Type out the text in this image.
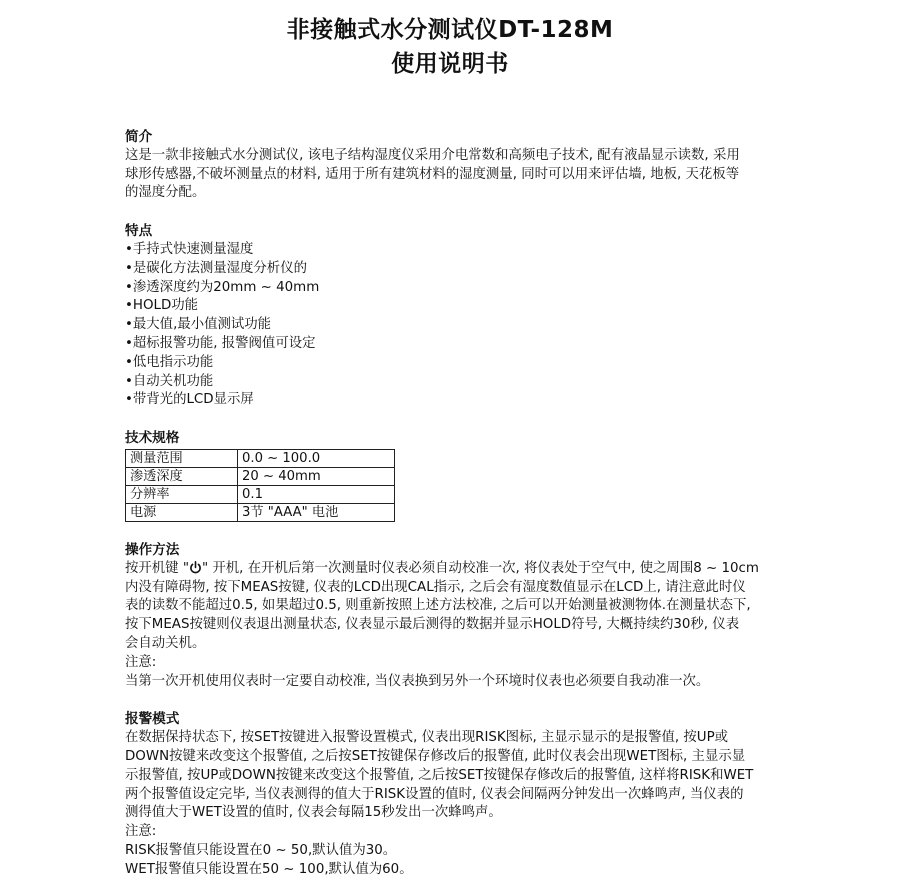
非接触式水分测试仪DT-128M
使用说明书

简介

这是一款非接触式水分测试仪, 该电子结构湿度仪采用介电常数和高频电子技术, 配有液晶显示读数, 采用

球形传感器,不破坏测量点的材料, 适用于所有建筑材料的湿度测量, 同时可以用来评估墙, 地板, 天花板等

的湿度分配。

特点

• 手持式快速测量湿度
• 是碳化方法测量湿度分析仪的
• 渗透深度约为20mm ~ 40mm
• HOLD功能
• 最大值,最小值测试功能
• 超标报警功能, 报警阀值可设定
• 低电指示功能
• 自动关机功能
• 带背光的LCD显示屏

技术规格

测量范围	0.0 ~ 100.0
渗透深度	20 ~ 40mm
分辨率	0.1
电源	3节 "AAA" 电池

操作方法

按开机键 " " 开机, 在开机后第一次测量时仪表必须自动校准一次, 将仪表处于空气中, 使之周围8 ~ 10cm

内没有障碍物, 按下MEAS按键, 仪表的LCD出现CAL指示, 之后会有湿度数值显示在LCD上, 请注意此时仪

表的读数不能超过0.5, 如果超过0.5, 则重新按照上述方法校准, 之后可以开始测量被测物体.在测量状态下,

按下MEAS按键则仪表退出测量状态, 仪表显示最后测得的数据并显示HOLD符号, 大概持续约30秒, 仪表

会自动关机。

注意:

当第一次开机使用仪表时一定要自动校准, 当仪表换到另外一个环境时仪表也必须要自我动准一次。

报警模式

在数据保持状态下, 按SET按键进入报警设置模式, 仪表出现RISK图标, 主显示显示的是报警值, 按UP或

DOWN按键来改变这个报警值, 之后按SET按键保存修改后的报警值, 此时仪表会出现WET图标, 主显示显

示报警值, 按UP或DOWN按键来改变这个报警值, 之后按SET按键保存修改后的报警值, 这样将RISK和WET

两个报警值设定完毕, 当仪表测得的值大于RISK设置的值时, 仪表会间隔两分钟发出一次蜂鸣声, 当仪表的

测得值大于WET设置的值时, 仪表会每隔15秒发出一次蜂鸣声。

注意:

RISK报警值只能设置在0 ~ 50,默认值为30。

WET报警值只能设置在50 ~ 100,默认值为60。
